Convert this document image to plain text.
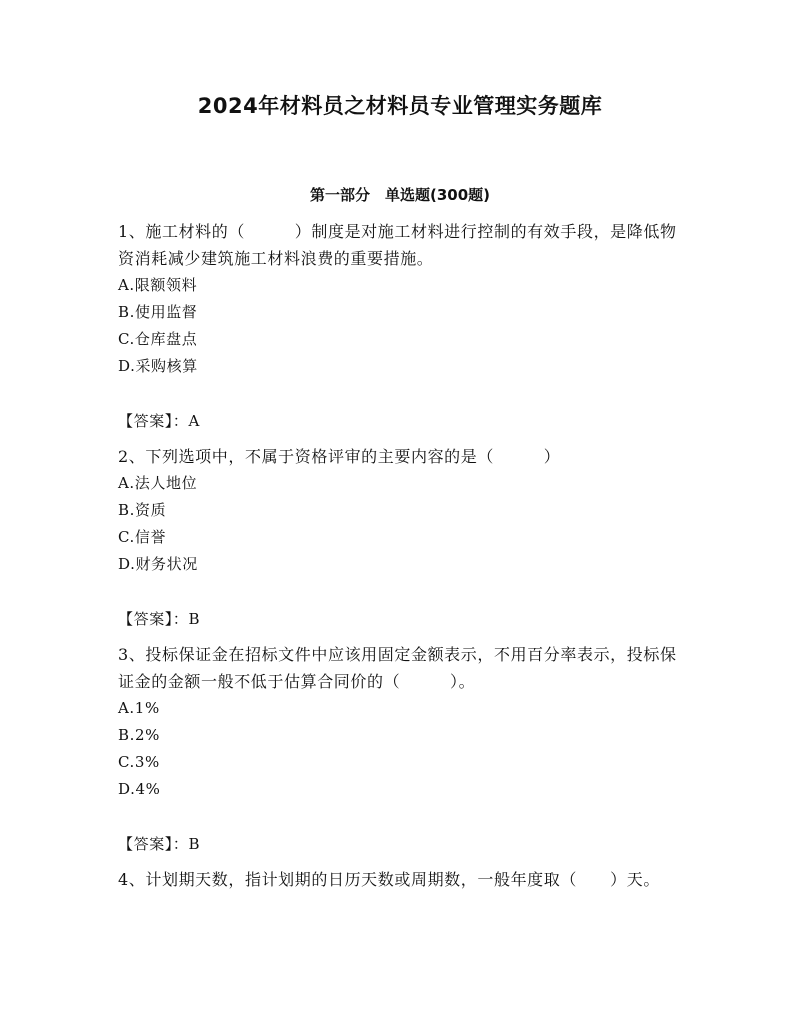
2024年材料员之材料员专业管理实务题库
第一部分　单选题(300题)

1、施工材料的（　　　）制度是对施工材料进行控制的有效手段，是降低物资消耗减少建筑施工材料浪费的重要措施。

A.限额领料

B.使用监督

C.仓库盘点

D.采购核算

【答案】：A

2、下列选项中，不属于资格评审的主要内容的是（　　　）

A.法人地位

B.资质

C.信誉

D.财务状况

【答案】：B

3、投标保证金在招标文件中应该用固定金额表示，不用百分率表示，投标保证金的金额一般不低于估算合同价的（　　　）。

A.1%

B.2%

C.3%

D.4%

【答案】：B

4、计划期天数，指计划期的日历天数或周期数，一般年度取（　　）天。
